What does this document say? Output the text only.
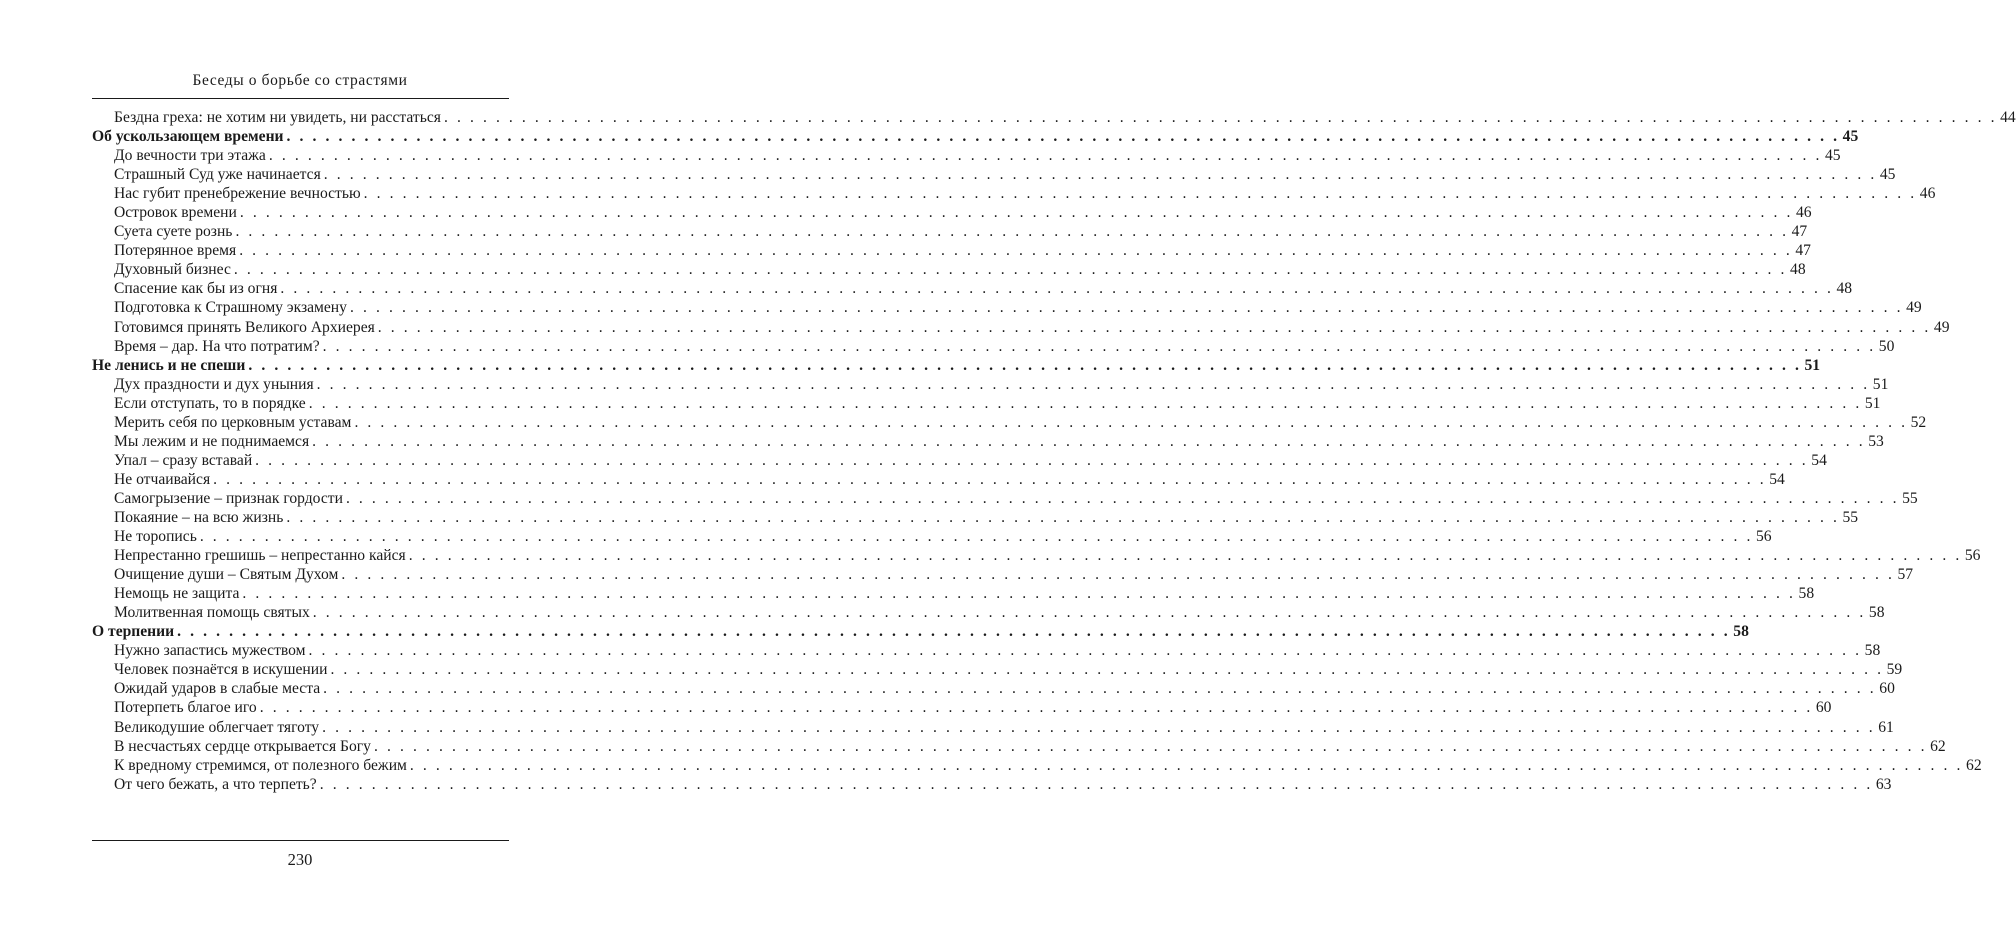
Беседы о борьбе со страстями
Бездна греха: не хотим ни увидеть, ни расстаться . . . . . . . . . . . . . . . . . . . . . . . . . . . . . . . . . . . . . . . . . . . . . . . . . . . . . . . . . . . . . . . . . . . . . . . . . . . . . . . . . . . . . . . . . . . . . . . . . . . . . . . . . . . . . . . . . . . . . . . . 44
Об ускользающем времени . . . . . . . . . . . . . . . . . . . . . . . . . . . . . . . . . . . . . . . . . . . . . . . . . . . . . . . . . . . . . . . . . . . . . . . . . . . . . . . . . . . . . . . . . . . . . . . . . . . . . . . . . . . . . . . . . . . . . . . . 45
До вечности три этажа . . . . . . . . . . . . . . . . . . . . . . . . . . . . . . . . . . . . . . . . . . . . . . . . . . . . . . . . . . . . . . . . . . . . . . . . . . . . . . . . . . . . . . . . . . . . . . . . . . . . . . . . . . . . . . . . . . . . . . . . 45
Страшный Суд уже начинается . . . . . . . . . . . . . . . . . . . . . . . . . . . . . . . . . . . . . . . . . . . . . . . . . . . . . . . . . . . . . . . . . . . . . . . . . . . . . . . . . . . . . . . . . . . . . . . . . . . . . . . . . . . . . . . . . . . . . . . . 45
Нас губит пренебрежение вечностью . . . . . . . . . . . . . . . . . . . . . . . . . . . . . . . . . . . . . . . . . . . . . . . . . . . . . . . . . . . . . . . . . . . . . . . . . . . . . . . . . . . . . . . . . . . . . . . . . . . . . . . . . . . . . . . . . . . . . . . . 46
Островок времени . . . . . . . . . . . . . . . . . . . . . . . . . . . . . . . . . . . . . . . . . . . . . . . . . . . . . . . . . . . . . . . . . . . . . . . . . . . . . . . . . . . . . . . . . . . . . . . . . . . . . . . . . . . . . . . . . . . . . . . . 46
Суета суете рознь . . . . . . . . . . . . . . . . . . . . . . . . . . . . . . . . . . . . . . . . . . . . . . . . . . . . . . . . . . . . . . . . . . . . . . . . . . . . . . . . . . . . . . . . . . . . . . . . . . . . . . . . . . . . . . . . . . . . . . . . 47
Потерянное время . . . . . . . . . . . . . . . . . . . . . . . . . . . . . . . . . . . . . . . . . . . . . . . . . . . . . . . . . . . . . . . . . . . . . . . . . . . . . . . . . . . . . . . . . . . . . . . . . . . . . . . . . . . . . . . . . . . . . . . . 47
Духовный бизнес . . . . . . . . . . . . . . . . . . . . . . . . . . . . . . . . . . . . . . . . . . . . . . . . . . . . . . . . . . . . . . . . . . . . . . . . . . . . . . . . . . . . . . . . . . . . . . . . . . . . . . . . . . . . . . . . . . . . . . . . 48
Спасение как бы из огня . . . . . . . . . . . . . . . . . . . . . . . . . . . . . . . . . . . . . . . . . . . . . . . . . . . . . . . . . . . . . . . . . . . . . . . . . . . . . . . . . . . . . . . . . . . . . . . . . . . . . . . . . . . . . . . . . . . . . . . . 48
Подготовка к Страшному экзамену . . . . . . . . . . . . . . . . . . . . . . . . . . . . . . . . . . . . . . . . . . . . . . . . . . . . . . . . . . . . . . . . . . . . . . . . . . . . . . . . . . . . . . . . . . . . . . . . . . . . . . . . . . . . . . . . . . . . . . . . 49
Готовимся принять Великого Архиерея . . . . . . . . . . . . . . . . . . . . . . . . . . . . . . . . . . . . . . . . . . . . . . . . . . . . . . . . . . . . . . . . . . . . . . . . . . . . . . . . . . . . . . . . . . . . . . . . . . . . . . . . . . . . . . . . . . . . . . . . 49
Время – дар. На что потратим? . . . . . . . . . . . . . . . . . . . . . . . . . . . . . . . . . . . . . . . . . . . . . . . . . . . . . . . . . . . . . . . . . . . . . . . . . . . . . . . . . . . . . . . . . . . . . . . . . . . . . . . . . . . . . . . . . . . . . . . . 50
Не ленись и не спеши . . . . . . . . . . . . . . . . . . . . . . . . . . . . . . . . . . . . . . . . . . . . . . . . . . . . . . . . . . . . . . . . . . . . . . . . . . . . . . . . . . . . . . . . . . . . . . . . . . . . . . . . . . . . . . . . . . . . . . . . 51
Дух праздности и дух уныния . . . . . . . . . . . . . . . . . . . . . . . . . . . . . . . . . . . . . . . . . . . . . . . . . . . . . . . . . . . . . . . . . . . . . . . . . . . . . . . . . . . . . . . . . . . . . . . . . . . . . . . . . . . . . . . . . . . . . . . . 51
Если отступать, то в порядке . . . . . . . . . . . . . . . . . . . . . . . . . . . . . . . . . . . . . . . . . . . . . . . . . . . . . . . . . . . . . . . . . . . . . . . . . . . . . . . . . . . . . . . . . . . . . . . . . . . . . . . . . . . . . . . . . . . . . . . . 51
Мерить себя по церковным уставам . . . . . . . . . . . . . . . . . . . . . . . . . . . . . . . . . . . . . . . . . . . . . . . . . . . . . . . . . . . . . . . . . . . . . . . . . . . . . . . . . . . . . . . . . . . . . . . . . . . . . . . . . . . . . . . . . . . . . . . . 52
Мы лежим и не поднимаемся . . . . . . . . . . . . . . . . . . . . . . . . . . . . . . . . . . . . . . . . . . . . . . . . . . . . . . . . . . . . . . . . . . . . . . . . . . . . . . . . . . . . . . . . . . . . . . . . . . . . . . . . . . . . . . . . . . . . . . . . 53
Упал – сразу вставай . . . . . . . . . . . . . . . . . . . . . . . . . . . . . . . . . . . . . . . . . . . . . . . . . . . . . . . . . . . . . . . . . . . . . . . . . . . . . . . . . . . . . . . . . . . . . . . . . . . . . . . . . . . . . . . . . . . . . . . . 54
Не отчаивайся . . . . . . . . . . . . . . . . . . . . . . . . . . . . . . . . . . . . . . . . . . . . . . . . . . . . . . . . . . . . . . . . . . . . . . . . . . . . . . . . . . . . . . . . . . . . . . . . . . . . . . . . . . . . . . . . . . . . . . . . 54
Самогрызение – признак гордости . . . . . . . . . . . . . . . . . . . . . . . . . . . . . . . . . . . . . . . . . . . . . . . . . . . . . . . . . . . . . . . . . . . . . . . . . . . . . . . . . . . . . . . . . . . . . . . . . . . . . . . . . . . . . . . . . . . . . . . . 55
Покаяние – на всю жизнь . . . . . . . . . . . . . . . . . . . . . . . . . . . . . . . . . . . . . . . . . . . . . . . . . . . . . . . . . . . . . . . . . . . . . . . . . . . . . . . . . . . . . . . . . . . . . . . . . . . . . . . . . . . . . . . . . . . . . . . . 55
Не торопись . . . . . . . . . . . . . . . . . . . . . . . . . . . . . . . . . . . . . . . . . . . . . . . . . . . . . . . . . . . . . . . . . . . . . . . . . . . . . . . . . . . . . . . . . . . . . . . . . . . . . . . . . . . . . . . . . . . . . . . . 56
Непрестанно грешишь – непрестанно кайся . . . . . . . . . . . . . . . . . . . . . . . . . . . . . . . . . . . . . . . . . . . . . . . . . . . . . . . . . . . . . . . . . . . . . . . . . . . . . . . . . . . . . . . . . . . . . . . . . . . . . . . . . . . . . . . . . . . . . . . . 56
Очищение души – Святым Духом . . . . . . . . . . . . . . . . . . . . . . . . . . . . . . . . . . . . . . . . . . . . . . . . . . . . . . . . . . . . . . . . . . . . . . . . . . . . . . . . . . . . . . . . . . . . . . . . . . . . . . . . . . . . . . . . . . . . . . . . 57
Немощь не защита . . . . . . . . . . . . . . . . . . . . . . . . . . . . . . . . . . . . . . . . . . . . . . . . . . . . . . . . . . . . . . . . . . . . . . . . . . . . . . . . . . . . . . . . . . . . . . . . . . . . . . . . . . . . . . . . . . . . . . . . 58
Молитвенная помощь святых . . . . . . . . . . . . . . . . . . . . . . . . . . . . . . . . . . . . . . . . . . . . . . . . . . . . . . . . . . . . . . . . . . . . . . . . . . . . . . . . . . . . . . . . . . . . . . . . . . . . . . . . . . . . . . . . . . . . . . . . 58
О терпении . . . . . . . . . . . . . . . . . . . . . . . . . . . . . . . . . . . . . . . . . . . . . . . . . . . . . . . . . . . . . . . . . . . . . . . . . . . . . . . . . . . . . . . . . . . . . . . . . . . . . . . . . . . . . . . . . . . . . . . . 58
Нужно запастись мужеством . . . . . . . . . . . . . . . . . . . . . . . . . . . . . . . . . . . . . . . . . . . . . . . . . . . . . . . . . . . . . . . . . . . . . . . . . . . . . . . . . . . . . . . . . . . . . . . . . . . . . . . . . . . . . . . . . . . . . . . . 58
Человек познаётся в искушении . . . . . . . . . . . . . . . . . . . . . . . . . . . . . . . . . . . . . . . . . . . . . . . . . . . . . . . . . . . . . . . . . . . . . . . . . . . . . . . . . . . . . . . . . . . . . . . . . . . . . . . . . . . . . . . . . . . . . . . . 59
Ожидай ударов в слабые места . . . . . . . . . . . . . . . . . . . . . . . . . . . . . . . . . . . . . . . . . . . . . . . . . . . . . . . . . . . . . . . . . . . . . . . . . . . . . . . . . . . . . . . . . . . . . . . . . . . . . . . . . . . . . . . . . . . . . . . . 60
Потерпеть благое иго . . . . . . . . . . . . . . . . . . . . . . . . . . . . . . . . . . . . . . . . . . . . . . . . . . . . . . . . . . . . . . . . . . . . . . . . . . . . . . . . . . . . . . . . . . . . . . . . . . . . . . . . . . . . . . . . . . . . . . . . 60
Великодушие облегчает тяготу . . . . . . . . . . . . . . . . . . . . . . . . . . . . . . . . . . . . . . . . . . . . . . . . . . . . . . . . . . . . . . . . . . . . . . . . . . . . . . . . . . . . . . . . . . . . . . . . . . . . . . . . . . . . . . . . . . . . . . . . 61
В несчастьях сердце открывается Богу . . . . . . . . . . . . . . . . . . . . . . . . . . . . . . . . . . . . . . . . . . . . . . . . . . . . . . . . . . . . . . . . . . . . . . . . . . . . . . . . . . . . . . . . . . . . . . . . . . . . . . . . . . . . . . . . . . . . . . . . 62
К вредному стремимся, от полезного бежим . . . . . . . . . . . . . . . . . . . . . . . . . . . . . . . . . . . . . . . . . . . . . . . . . . . . . . . . . . . . . . . . . . . . . . . . . . . . . . . . . . . . . . . . . . . . . . . . . . . . . . . . . . . . . . . . . . . . . . . . 62
От чего бежать, а что терпеть? . . . . . . . . . . . . . . . . . . . . . . . . . . . . . . . . . . . . . . . . . . . . . . . . . . . . . . . . . . . . . . . . . . . . . . . . . . . . . . . . . . . . . . . . . . . . . . . . . . . . . . . . . . . . . . . . . . . . . . . . 63
230
